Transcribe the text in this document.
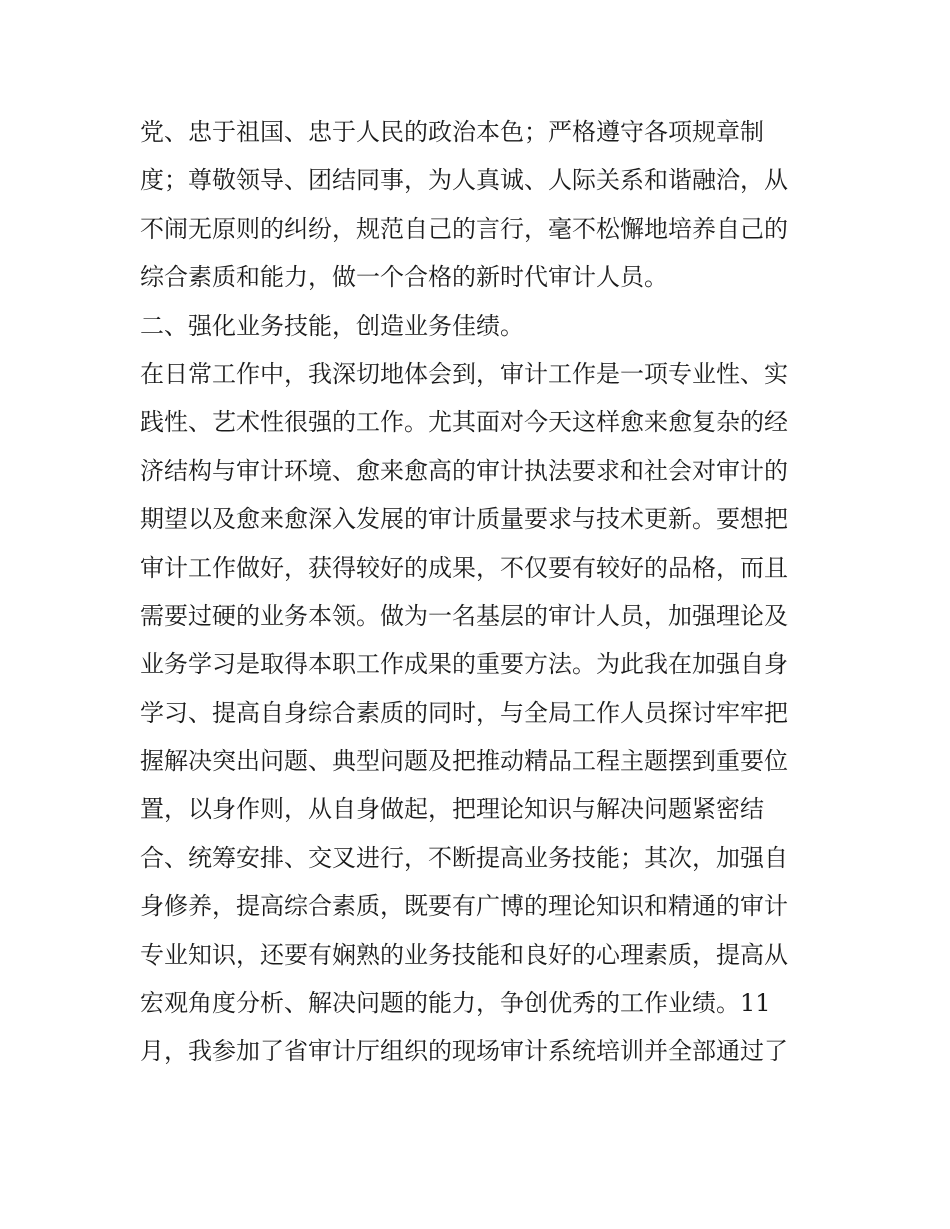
党、忠于祖国、忠于人民的政治本色；严格遵守各项规章制
度；尊敬领导、团结同事，为人真诚、人际关系和谐融洽，从
不闹无原则的纠纷，规范自己的言行，毫不松懈地培养自己的
综合素质和能力，做一个合格的新时代审计人员。
二、强化业务技能，创造业务佳绩。
在日常工作中，我深切地体会到，审计工作是一项专业性、实
践性、艺术性很强的工作。尤其面对今天这样愈来愈复杂的经
济结构与审计环境、愈来愈高的审计执法要求和社会对审计的
期望以及愈来愈深入发展的审计质量要求与技术更新。要想把
审计工作做好，获得较好的成果，不仅要有较好的品格，而且
需要过硬的业务本领。做为一名基层的审计人员，加强理论及
业务学习是取得本职工作成果的重要方法。为此我在加强自身
学习、提高自身综合素质的同时，与全局工作人员探讨牢牢把
握解决突出问题、典型问题及把推动精品工程主题摆到重要位
置，以身作则，从自身做起，把理论知识与解决问题紧密结
合、统筹安排、交叉进行，不断提高业务技能；其次，加强自
身修养，提高综合素质，既要有广博的理论知识和精通的审计
专业知识，还要有娴熟的业务技能和良好的心理素质，提高从
宏观角度分析、解决问题的能力，争创优秀的工作业绩。11
月，我参加了省审计厅组织的现场审计系统培训并全部通过了
